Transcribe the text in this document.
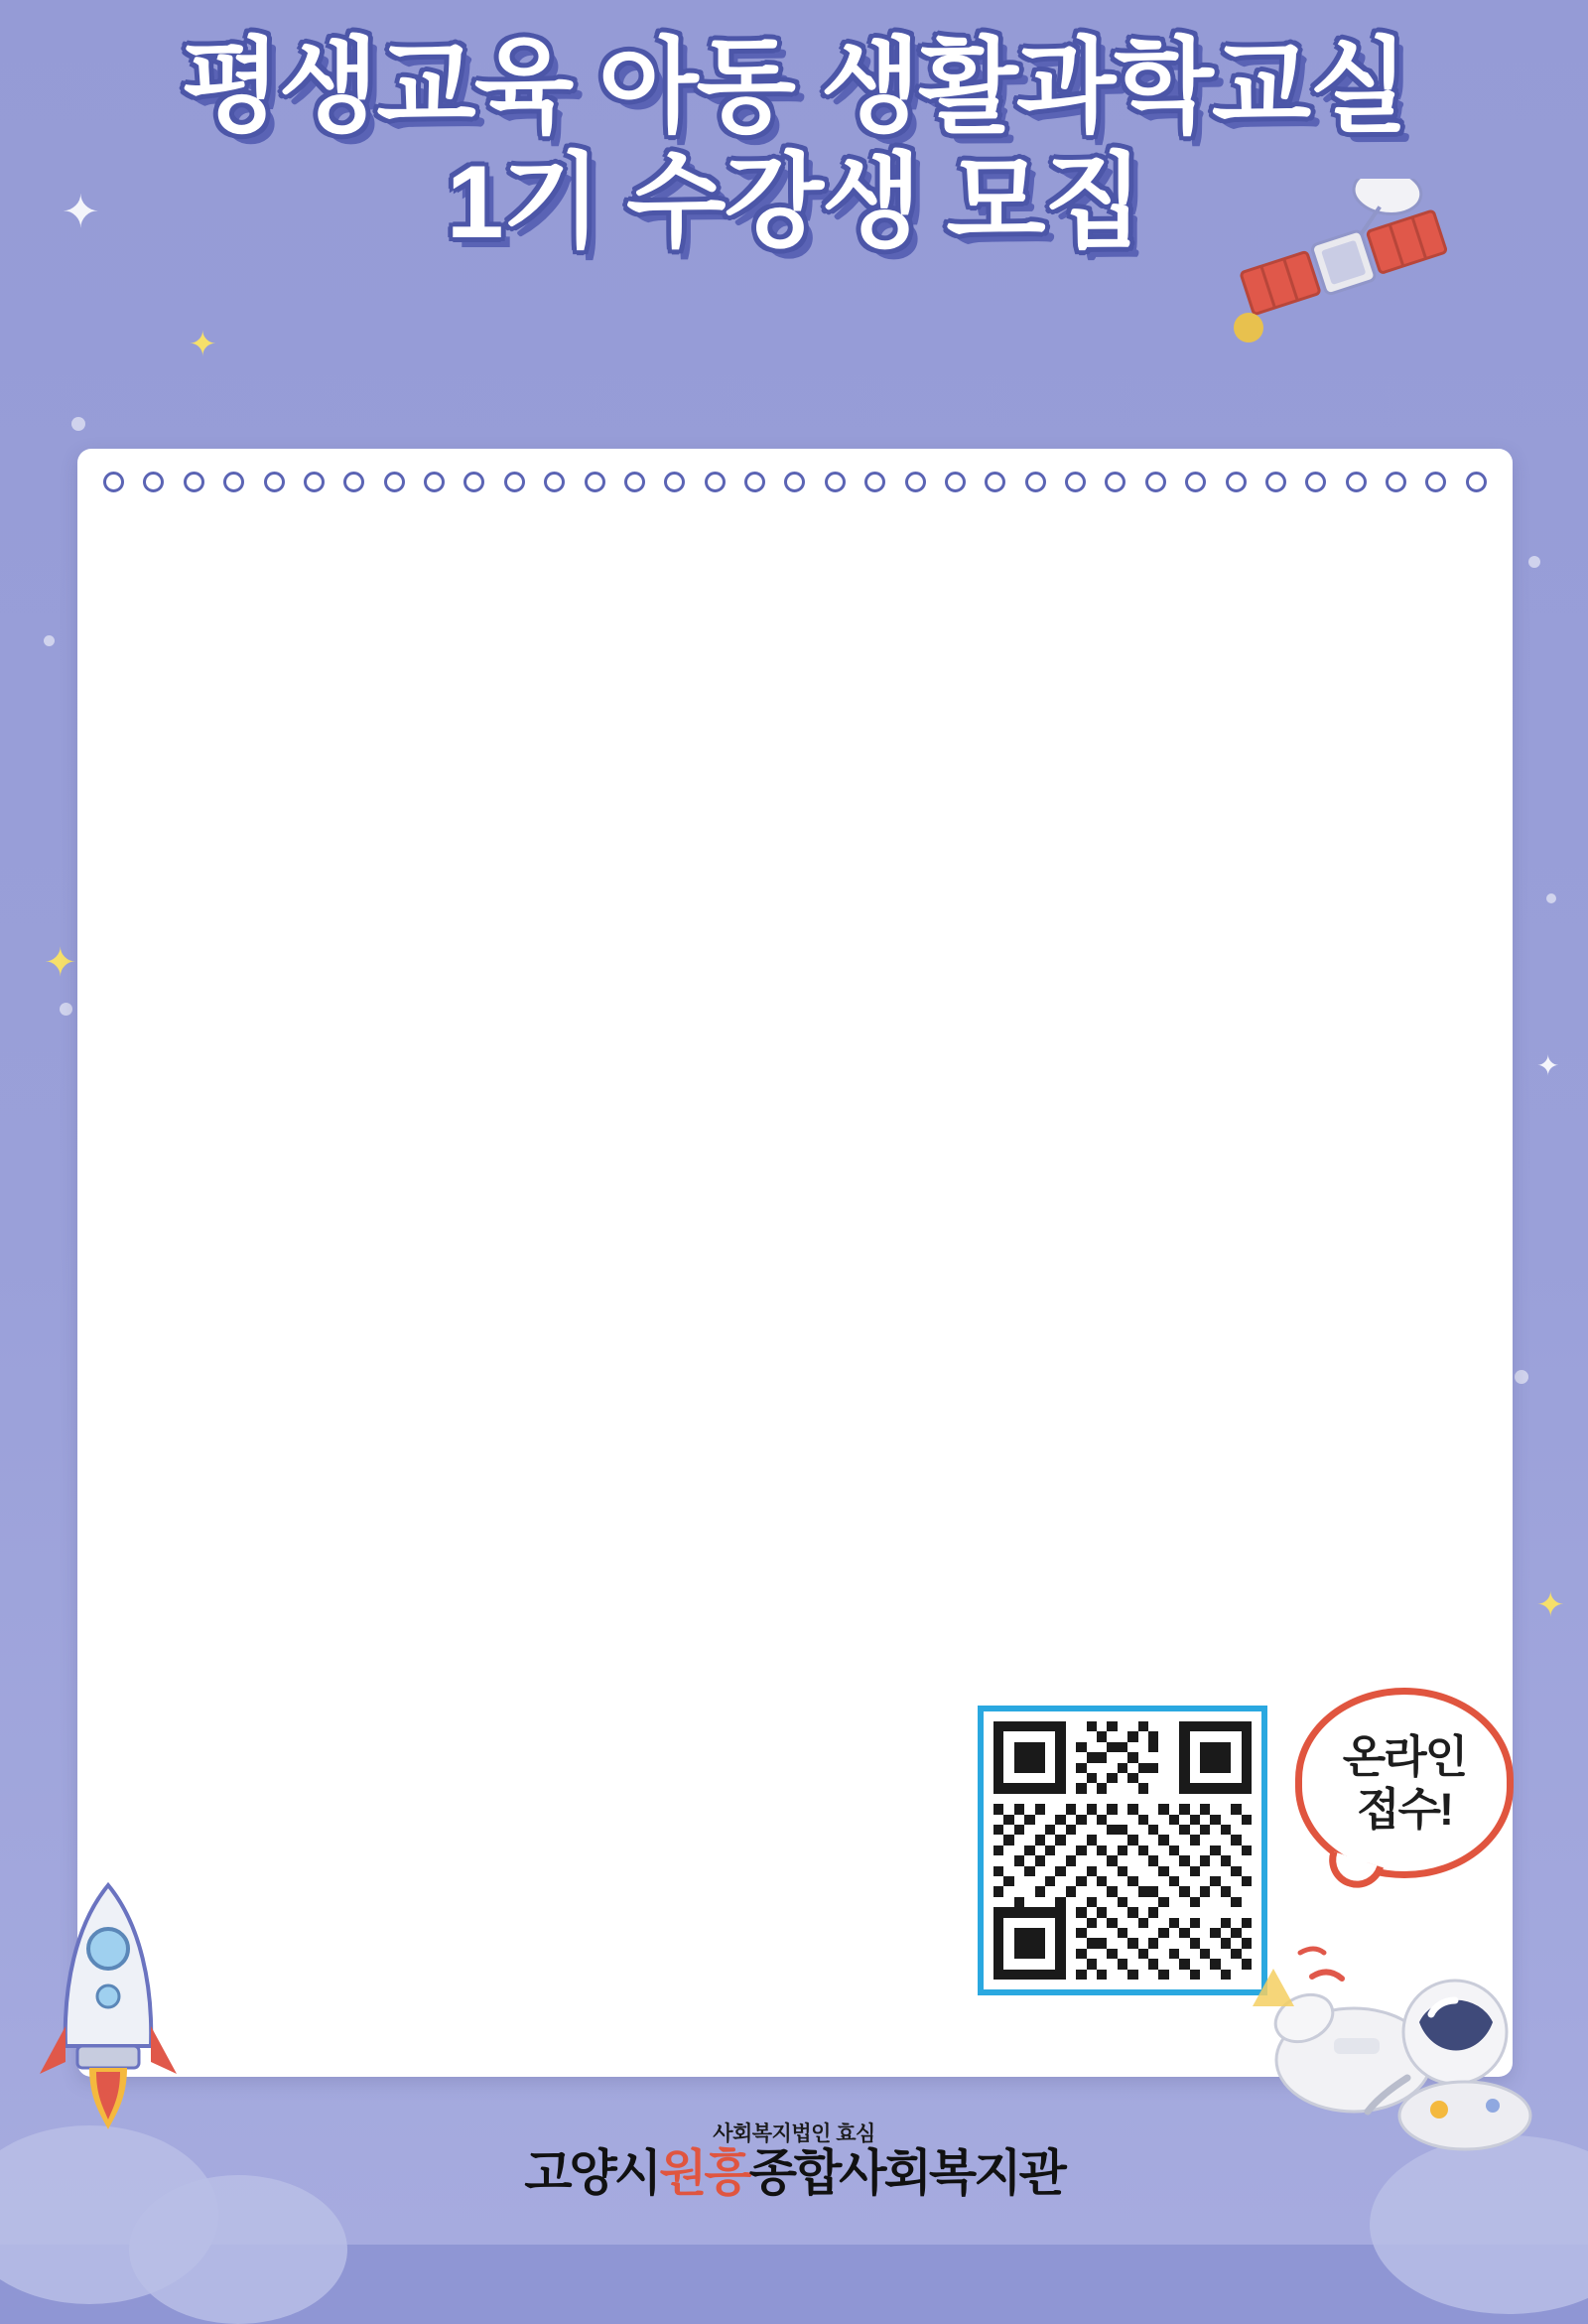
✦
✦
✦
✦
✦
평생교육 아동 생활과학교실
1기 수강생 모집

온라인
접수!
사회복지법인 효심
고양시원흥종합사회복지관
